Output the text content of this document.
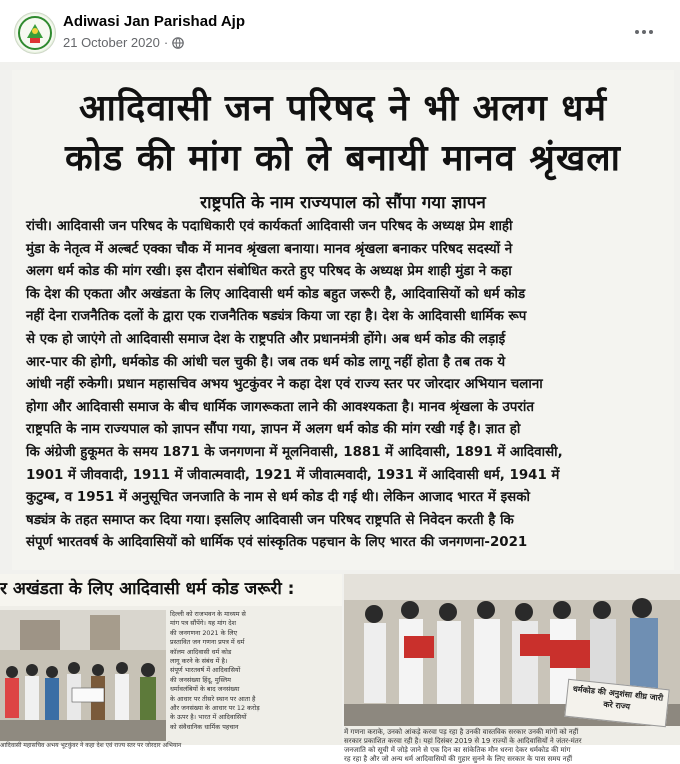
Adiwasi Jan Parishad Ajp
21 October 2020 ·
आदिवासी जन परिषद ने भी अलग धर्म
कोड की मांग को ले बनायी मानव श्रृंखला
राष्ट्रपति के नाम राज्यपाल को सौंपा गया ज्ञापन
रांची। आदिवासी जन परिषद के पदाधिकारी एवं कार्यकर्ता आदिवासी जन परिषद के अध्यक्ष प्रेम शाही
मुंडा के नेतृत्व में अल्बर्ट एक्का चौक में मानव श्रृंखला बनाया। मानव श्रृंखला बनाकर परिषद सदस्यों ने
अलग धर्म कोड की मांग रखी। इस दौरान संबोधित करते हुए परिषद के अध्यक्ष प्रेम शाही मुंडा ने कहा
कि देश की एकता और अखंडता के लिए आदिवासी धर्म कोड बहुत जरूरी है, आदिवासियों को धर्म कोड
नहीं देना राजनैतिक दलों के द्वारा एक राजनैतिक षड्यंत्र किया जा रहा है। देश के आदिवासी धार्मिक रूप
से एक हो जाएंगे तो आदिवासी समाज देश के राष्ट्रपति और प्रधानमंत्री होंगे। अब धर्म कोड की लड़ाई
आर-पार की होगी, धर्मकोड की आंधी चल चुकी है। जब तक धर्म कोड लागू नहीं होता है तब तक ये
आंधी नहीं रुकेगी। प्रधान महासचिव अभय भुटकुंवर ने कहा देश एवं राज्य स्तर पर जोरदार अभियान चलाना
होगा और आदिवासी समाज के बीच धार्मिक जागरूकता लाने की आवश्यकता है। मानव श्रृंखला के उपरांत
राष्ट्रपति के नाम राज्यपाल को ज्ञापन सौंपा गया, ज्ञापन में अलग धर्म कोड की मांग रखी गई है। ज्ञात हो
कि अंग्रेजी हुकूमत के समय 1871 के जनगणना में मूलनिवासी, 1881 में आदिवासी, 1891 में आदिवासी,
1901 में जीववादी, 1911 में जीवात्मवादी, 1921 में जीवात्मवादी, 1931 में आदिवासी धर्म, 1941 में
कुटुम्ब, व 1951 में अनुसूचित जनजाति के नाम से धर्म कोड दी गई थी। लेकिन आजाद भारत में इसको
षड्यंत्र के तहत समाप्त कर दिया गया। इसलिए आदिवासी जन परिषद राष्ट्रपति से निवेदन करती है कि
संपूर्ण भारतवर्ष के आदिवासियों को धार्मिक एवं सांस्कृतिक पहचान के लिए भारत की जनगणना-2021
र अखंडता के लिए आदिवासी धर्म कोड जरूरी :
दिल्ली को राजभवन के माध्यम से
मांग पत्र सौंपेंगे। यह मांग देश
की जनगणना 2021 के लिए
प्रस्तावित जन गणना प्रपत्र में धर्म
कॉलम आदिवासी धर्म कोड
लागू करने के संबंध में है।
संपूर्ण भारतवर्ष में आदिवासियों
की जनसंख्या हिंदू, मुस्लिम
धर्मावलंबियों के बाद जनसंख्या
के आधार पर तीसरे स्थान पर आता है
और जनसंख्या के आधार पर 12 करोड़
के ऊपर है। भारत में आदिवासियों
को संवैधानिक धार्मिक पहचान
आदिवासी महासचिव अभय भूटकुंवर ने कहा देश एवं राज्य स्तर पर जोरदार अभियान
धर्मकोड की अनुशंसा शीघ्र जारी करे राज्य
में गणना कराके, उनको आंकड़े करवा पड़ रहा है उनकी वास्तविक सरकार उनकी मांगों को नहीं
सरकार प्रकाशित करवा रही है। यहां दिसंबर 2019 से 19 राज्यों के आदिवासियों ने जंतर-मंतर
जनजाति को सूची में जोड़े जाने से एक दिन का सांकेतिक मौन धरना देकर धर्मकोड की मांग
रह रहा है और जो अन्य धर्म आदिवासियों की गुहार सुनने के लिए सरकार के पास समय नहीं
